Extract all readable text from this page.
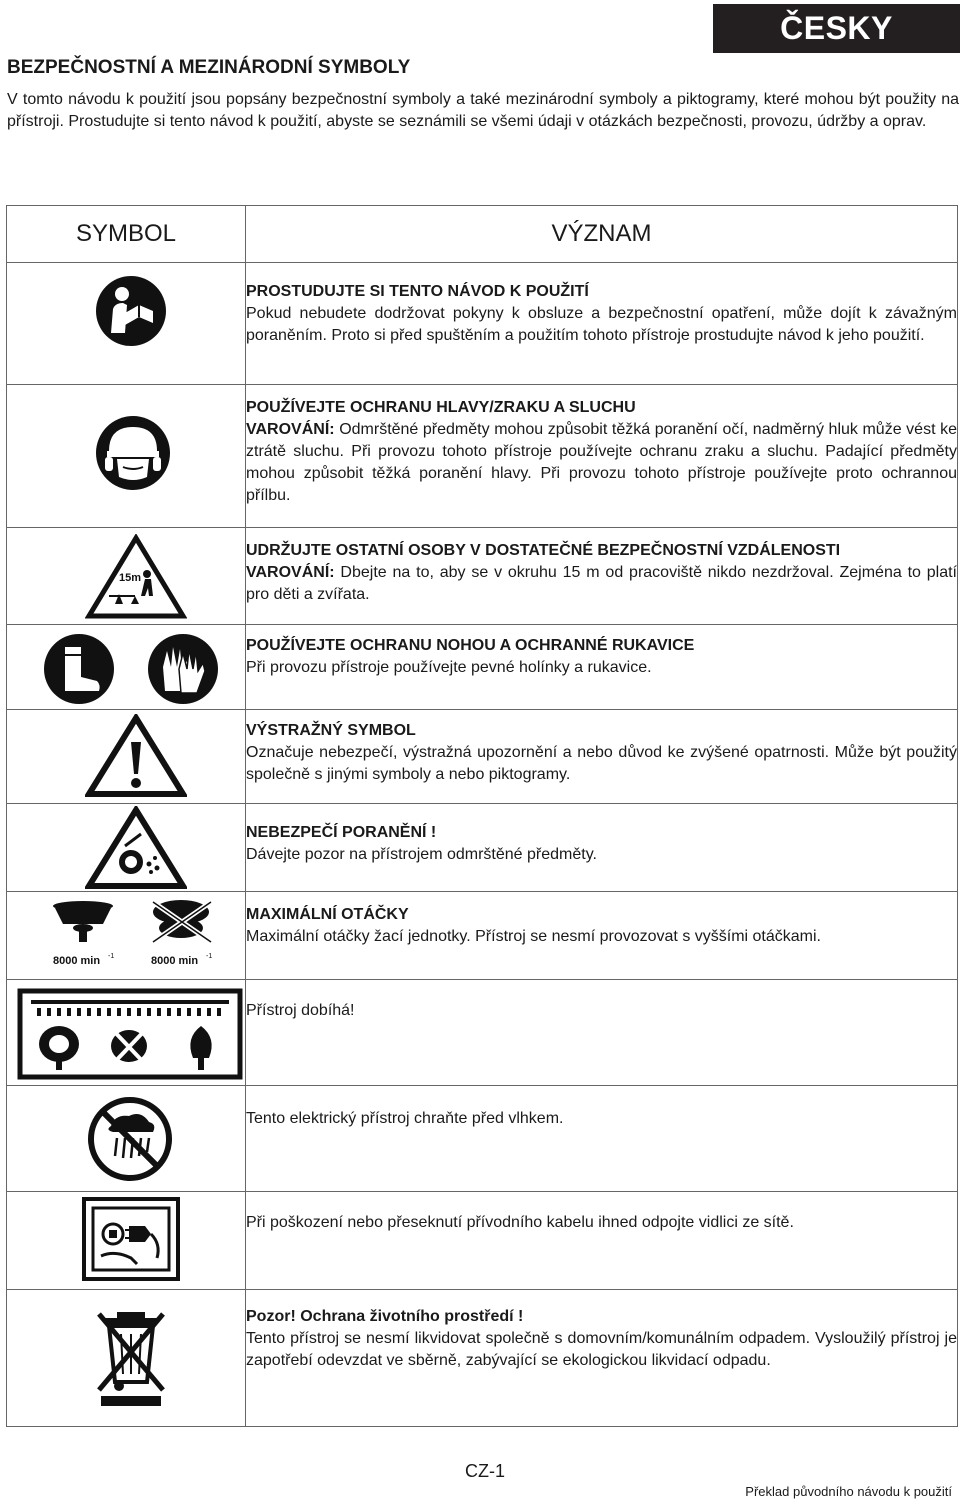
ČESKY
BEZPEČNOSTNÍ A MEZINÁRODNÍ SYMBOLY
V tomto návodu k použití jsou popsány bezpečnostní symboly a také mezinárodní symboly a piktogramy, které mohou být použity na přístroji. Prostudujte si tento návod k použití, abyste se seznámili se všemi údaji v otázkách bezpečnosti, provozu, údržby a oprav.
SYMBOL	VÝZNAM

PROSTUDUJTE SI TENTO NÁVOD K POUŽITÍ
Pokud nebudete dodržovat pokyny k obsluze a bezpečnostní opatření, může dojít k závažným poraněním. Proto si před spuštěním a použitím tohoto přístroje prostudujte návod k jeho použití.

POUŽÍVEJTE OCHRANU HLAVY/ZRAKU A SLUCHU
VAROVÁNÍ: Odmrštěné předměty mohou způsobit těžká poranění očí, nadměrný hluk může vést ke ztrátě sluchu. Při provozu tohoto přístroje používejte ochranu zraku a sluchu. Padající předměty mohou způsobit těžká poranění hlavy. Při provozu tohoto přístroje používejte proto ochrannou přílbu.

15m	UDRŽUJTE OSTATNÍ OSOBY V DOSTATEČNÉ BEZPEČNOSTNÍ VZDÁLENOSTI
VAROVÁNÍ: Dbejte na to, aby se v okruhu 15 m od pracoviště nikdo nezdržoval. Zejména to platí pro děti a zvířata.

POUŽÍVEJTE OCHRANU NOHOU A OCHRANNÉ RUKAVICE
Při provozu přístroje používejte pevné holínky a rukavice.

VÝSTRAŽNÝ SYMBOL
Označuje nebezpečí, výstražná upozornění a nebo důvod ke zvýšené opatrnosti. Může být použitý společně s jinými symboly a nebo piktogramy.

NEBEZPEČÍ PORANĚNÍ !
Dávejte pozor na přístrojem odmrštěné předměty.

8000 min -1 8000 min -1	MAXIMÁLNÍ OTÁČKY
Maximální otáčky žací jednotky. Přístroj se nesmí provozovat s vyššími otáčkami.

Přístroj dobíhá!

Tento elektrický přístroj chraňte před vlhkem.

Při poškození nebo přeseknutí přívodního kabelu ihned odpojte vidlici ze sítě.

Pozor! Ochrana životního prostředí !
Tento přístroj se nesmí likvidovat společně s domovním/komunálním odpadem. Vysloužilý přístroj je zapotřebí odevzdat ve sběrně, zabývající se ekologickou likvidací odpadu.
CZ-1
Překlad původního návodu k použití
